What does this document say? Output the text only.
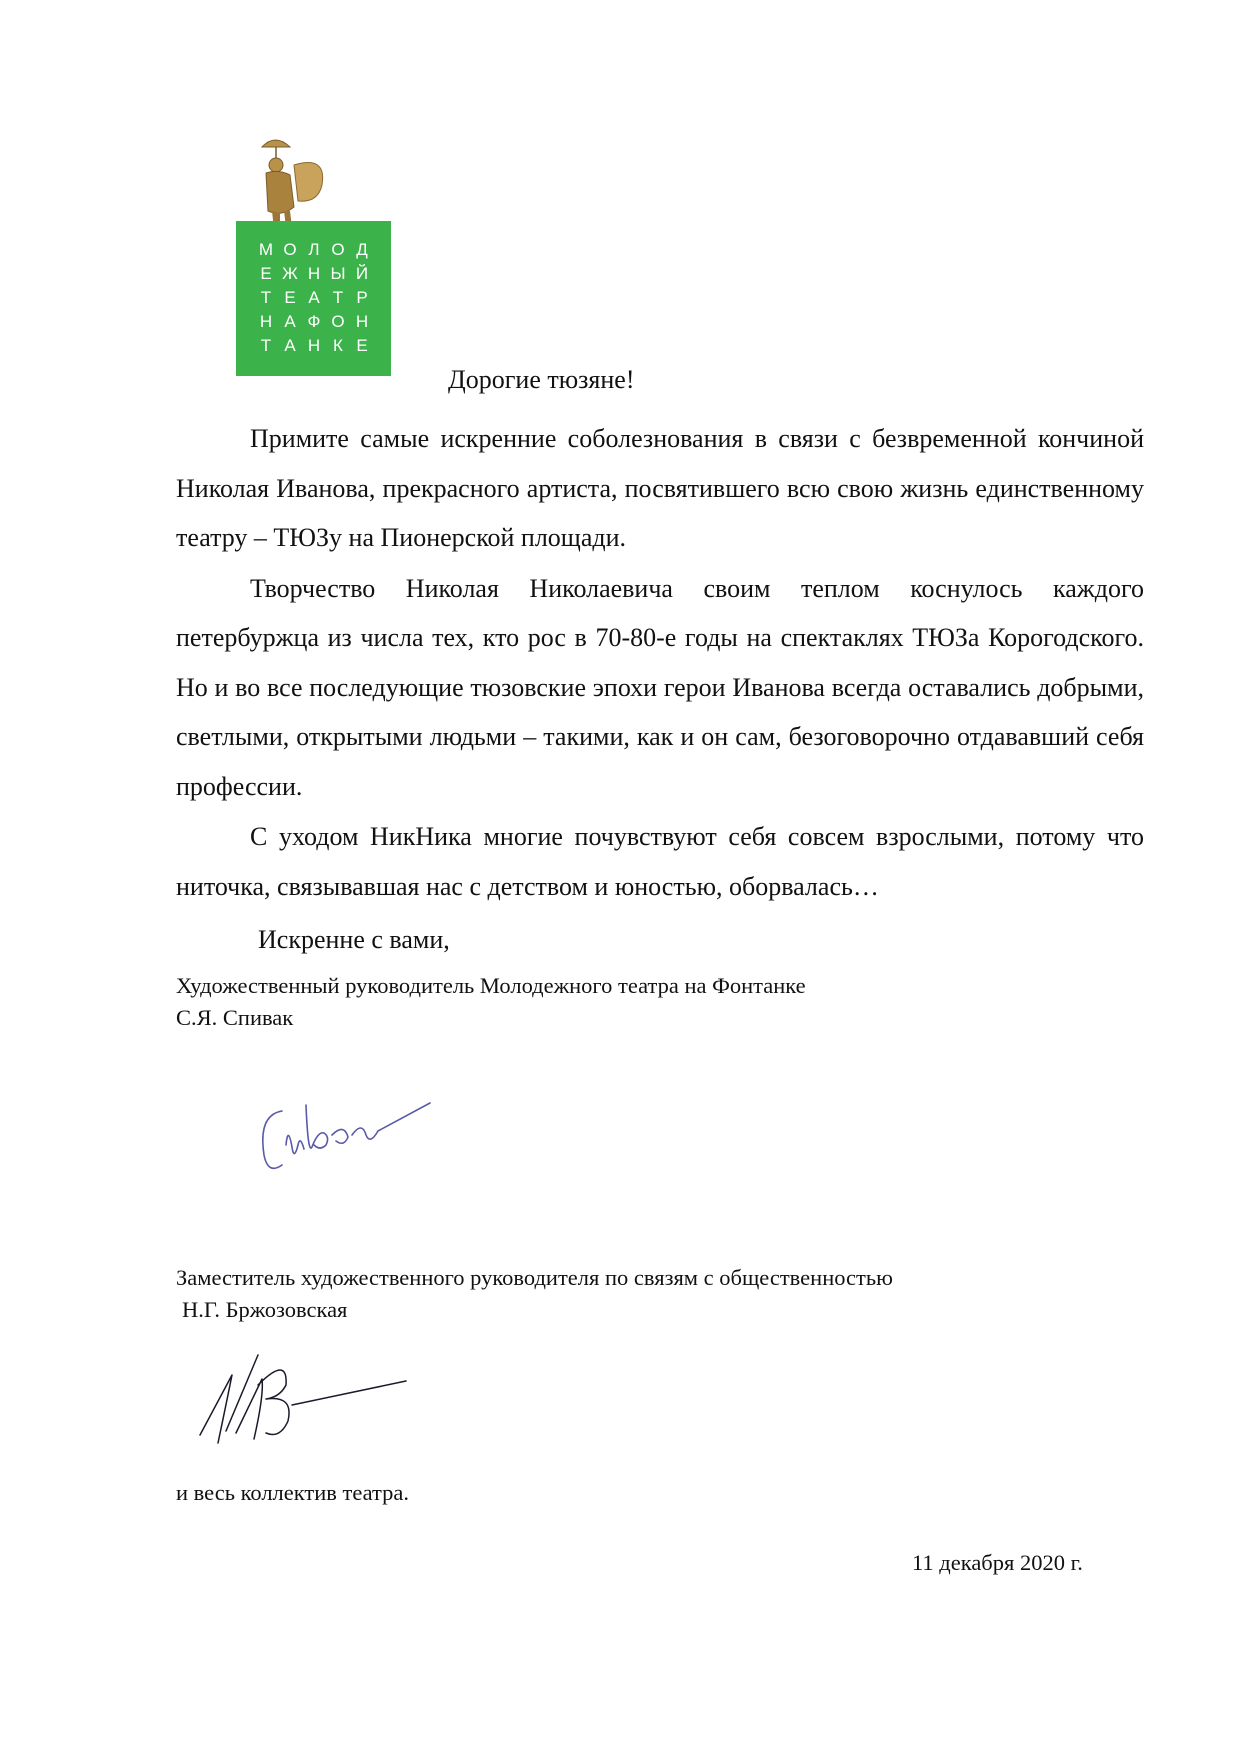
М О Л О Д
Е Ж Н Ы Й
Т Е А Т Р
Н А Ф О Н
Т А Н К Е
Дорогие тюзяне!

Примите самые искренние соболезнования в связи с безвременной кончиной Николая Иванова, прекрасного артиста, посвятившего всю свою жизнь единственному театру – ТЮЗу на Пионерской площади.

Творчество Николая Николаевича своим теплом коснулось каждого петербуржца из числа тех, кто рос в 70-80-е годы на спектаклях ТЮЗа Корогодского. Но и во все последующие тюзовские эпохи герои Иванова всегда оставались добрыми, светлыми, открытыми людьми – такими, как и он сам, безоговорочно отдававший себя профессии.

С уходом НикНика многие почувствуют себя совсем взрослыми, потому что ниточка, связывавшая нас с детством и юностью, оборвалась…

Искренне с вами,
Художественный руководитель Молодежного театра на Фонтанке
С.Я. Спивак
Заместитель художественного руководителя по связям с общественностью
Н.Г. Бржозовская
и весь коллектив театра.
11 декабря 2020 г.
